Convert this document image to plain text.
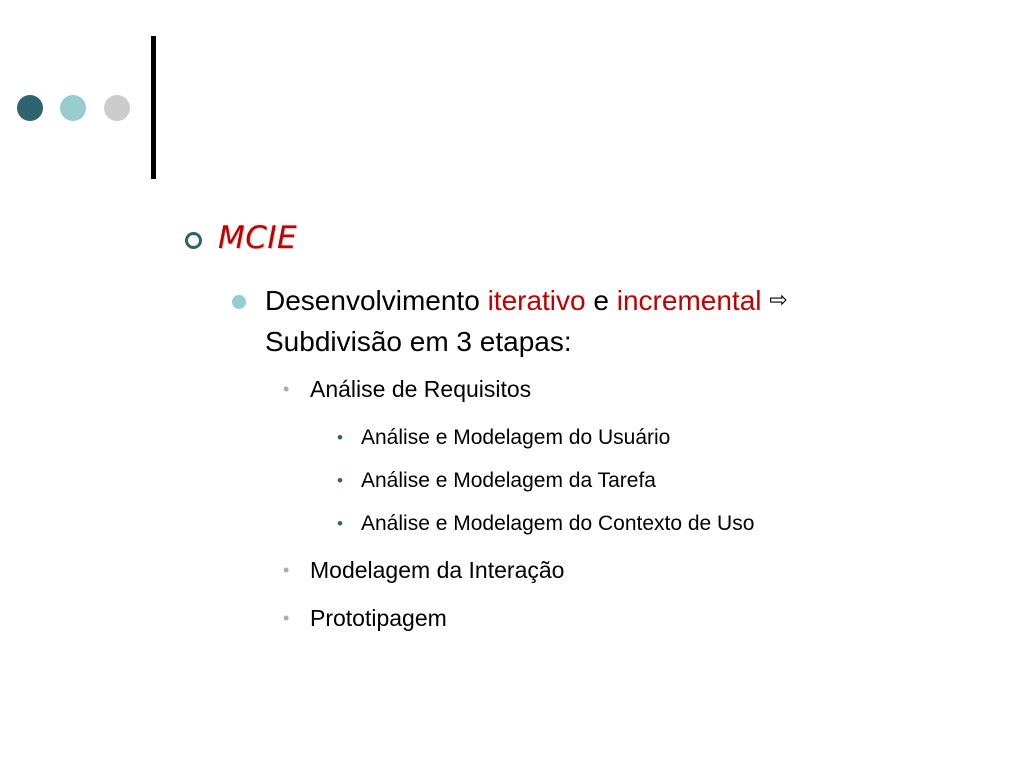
MCIE
Desenvolvimento iterativo e incremental ⇨
Subdivisão em 3 etapas:
• Análise de Requisitos
• Análise e Modelagem do Usuário
• Análise e Modelagem da Tarefa
• Análise e Modelagem do Contexto de Uso
• Modelagem da Interação
• Prototipagem
